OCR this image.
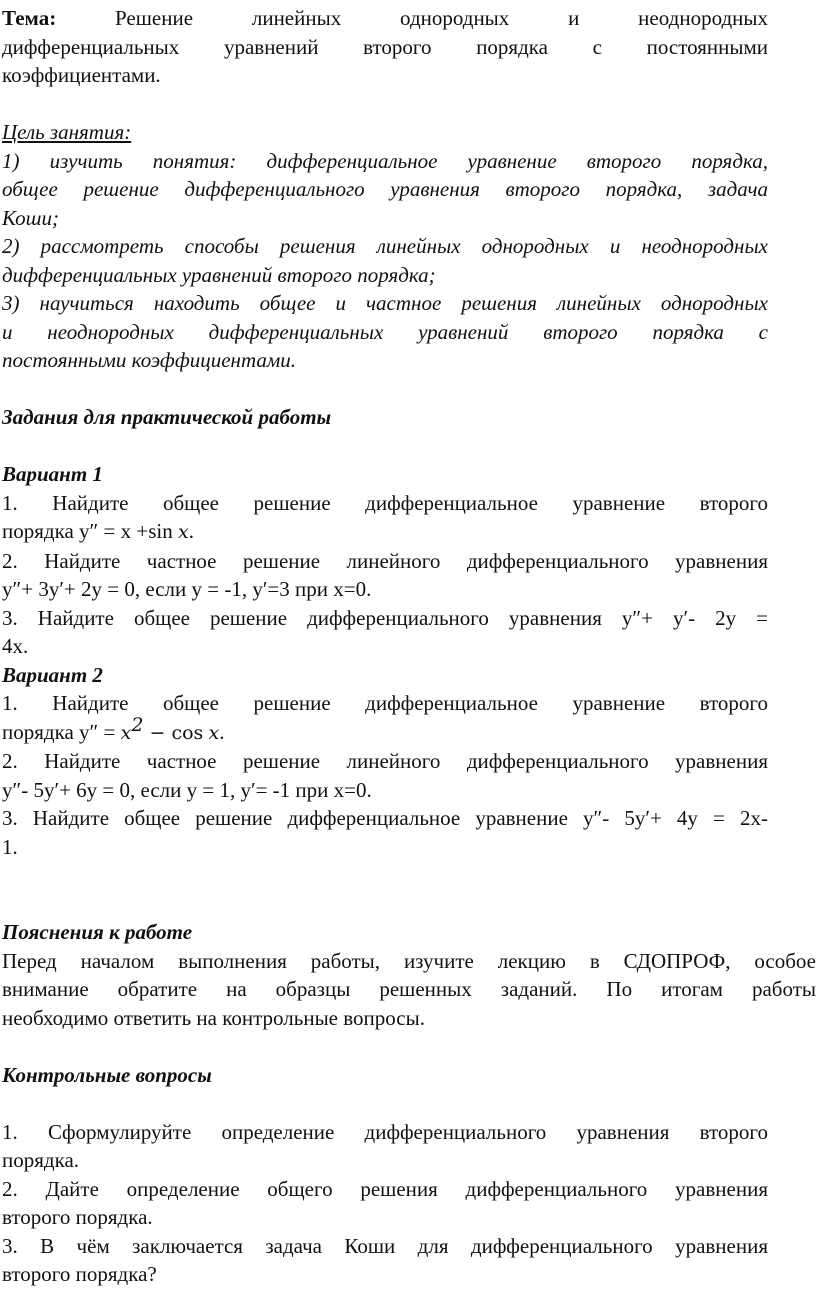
Тема:	Решение линейных однородных и неоднородных

дифференциальных уравнений второго порядка с постоянными

коэффициентами.

Цель занятия:

1) изучить понятия: дифференциальное уравнение второго порядка,

общее решение дифференциального уравнения второго порядка, задача

Коши;

2) рассмотреть способы решения линейных однородных и неоднородных

дифференциальных уравнений второго порядка;

3) научиться находить общее и частное решения линейных однородных

и неоднородных дифференциальных уравнений второго порядка с

постоянными коэффициентами.

Задания для практической работы

Вариант 1

1. Найдите общее решение дифференциальное уравнение второго

порядка y″ = x +sin x.

2. Найдите частное решение линейного дифференциального уравнения

y″+ 3y′+ 2y = 0, если y = -1, y′=3 при x=0.

3. Найдите общее решение дифференциального уравнения y″+ y′- 2y =

4x.

Вариант 2

1. Найдите общее решение дифференциальное уравнение второго

порядка $y'' = x^2 - \cos x$.

2. Найдите частное решение линейного дифференциального уравнения

y″- 5y′+ 6y = 0, если y = 1, y′= -1 при x=0.

3. Найдите общее решение дифференциальное уравнение y″- 5y′+ 4y = 2x-

1.

Пояснения к работе

Перед началом выполнения работы, изучите лекцию в СДОПРОФ, особое

внимание обратите на образцы решенных заданий. По итогам работы

необходимо ответить на контрольные вопросы.

Контрольные вопросы

1. Сформулируйте определение дифференциального уравнения второго

порядка.

2. Дайте определение общего решения дифференциального уравнения

второго порядка.

3. В чём заключается задача Коши для дифференциального уравнения

второго порядка?
